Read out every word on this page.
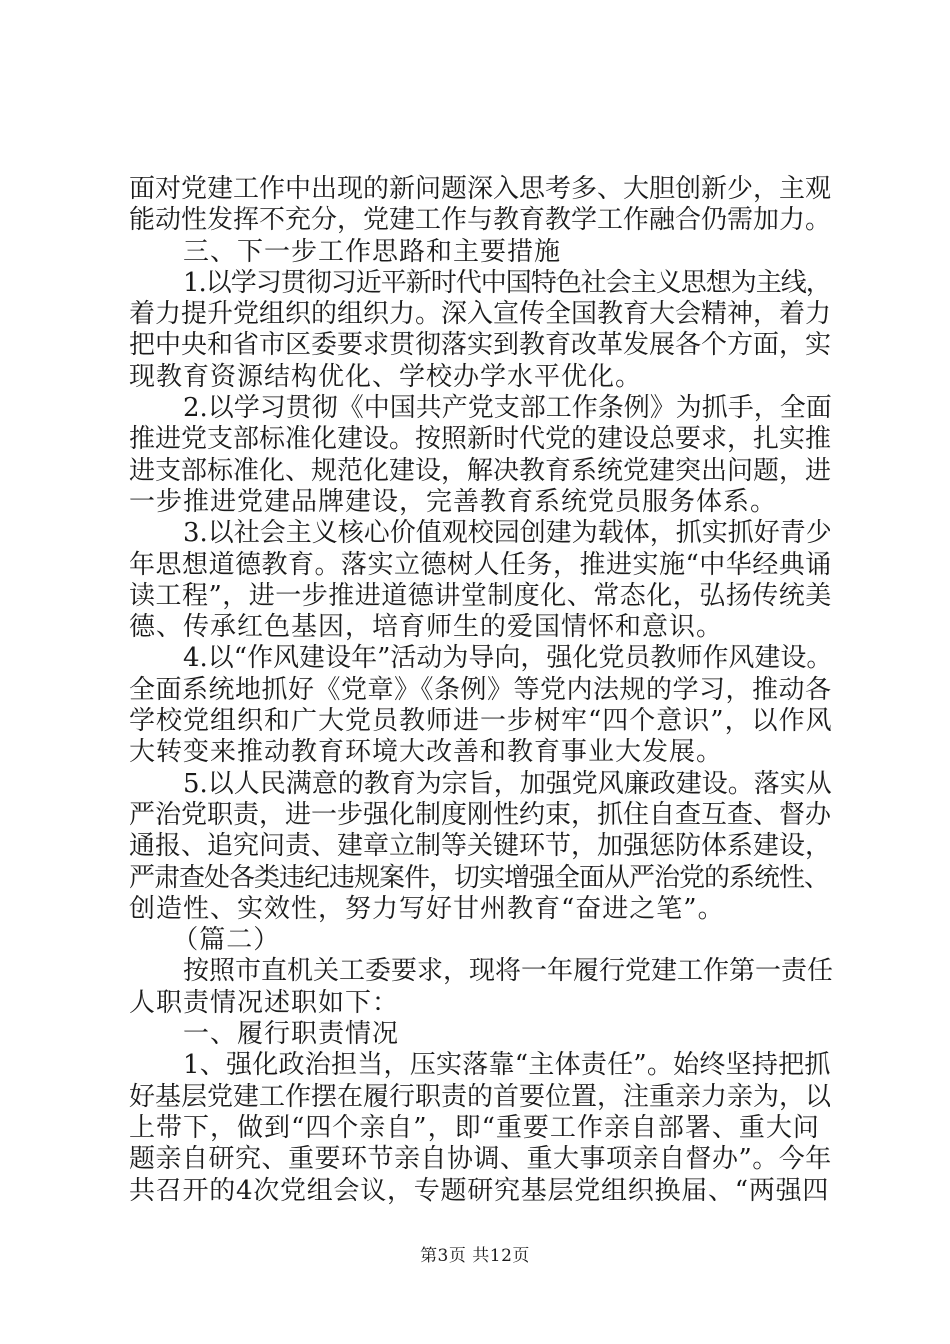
面对党建工作中出现的新问题深入思考多、大胆创新少，主观
能动性发挥不充分，党建工作与教育教学工作融合仍需加力。
三、下一步工作思路和主要措施
1.以学习贯彻习近平新时代中国特色社会主义思想为主线，
着力提升党组织的组织力。深入宣传全国教育大会精神，着力
把中央和省市区委要求贯彻落实到教育改革发展各个方面，实
现教育资源结构优化、学校办学水平优化。
2.以学习贯彻《中国共产党支部工作条例》为抓手，全面
推进党支部标准化建设。按照新时代党的建设总要求，扎实推
进支部标准化、规范化建设，解决教育系统党建突出问题，进
一步推进党建品牌建设，完善教育系统党员服务体系。
3.以社会主义核心价值观校园创建为载体，抓实抓好青少
年思想道德教育。落实立德树人任务，推进实施“中华经典诵
读工程”，进一步推进道德讲堂制度化、常态化，弘扬传统美
德、传承红色基因，培育师生的爱国情怀和意识。
4.以“作风建设年”活动为导向，强化党员教师作风建设。
全面系统地抓好《党章》《条例》等党内法规的学习，推动各
学校党组织和广大党员教师进一步树牢“四个意识”，以作风
大转变来推动教育环境大改善和教育事业大发展。
5.以人民满意的教育为宗旨，加强党风廉政建设。落实从
严治党职责，进一步强化制度刚性约束，抓住自查互查、督办
通报、追究问责、建章立制等关键环节，加强惩防体系建设，
严肃查处各类违纪违规案件，切实增强全面从严治党的系统性、
创造性、实效性，努力写好甘州教育“奋进之笔”。
（篇二）
按照市直机关工委要求，现将一年履行党建工作第一责任
人职责情况述职如下：
一、履行职责情况
1、强化政治担当，压实落靠“主体责任”。始终坚持把抓
好基层党建工作摆在履行职责的首要位置，注重亲力亲为，以
上带下，做到“四个亲自”，即“重要工作亲自部署、重大问
题亲自研究、重要环节亲自协调、重大事项亲自督办”。今年
共召开的4次党组会议，专题研究基层党组织换届、“两强四
第3页 共12页
